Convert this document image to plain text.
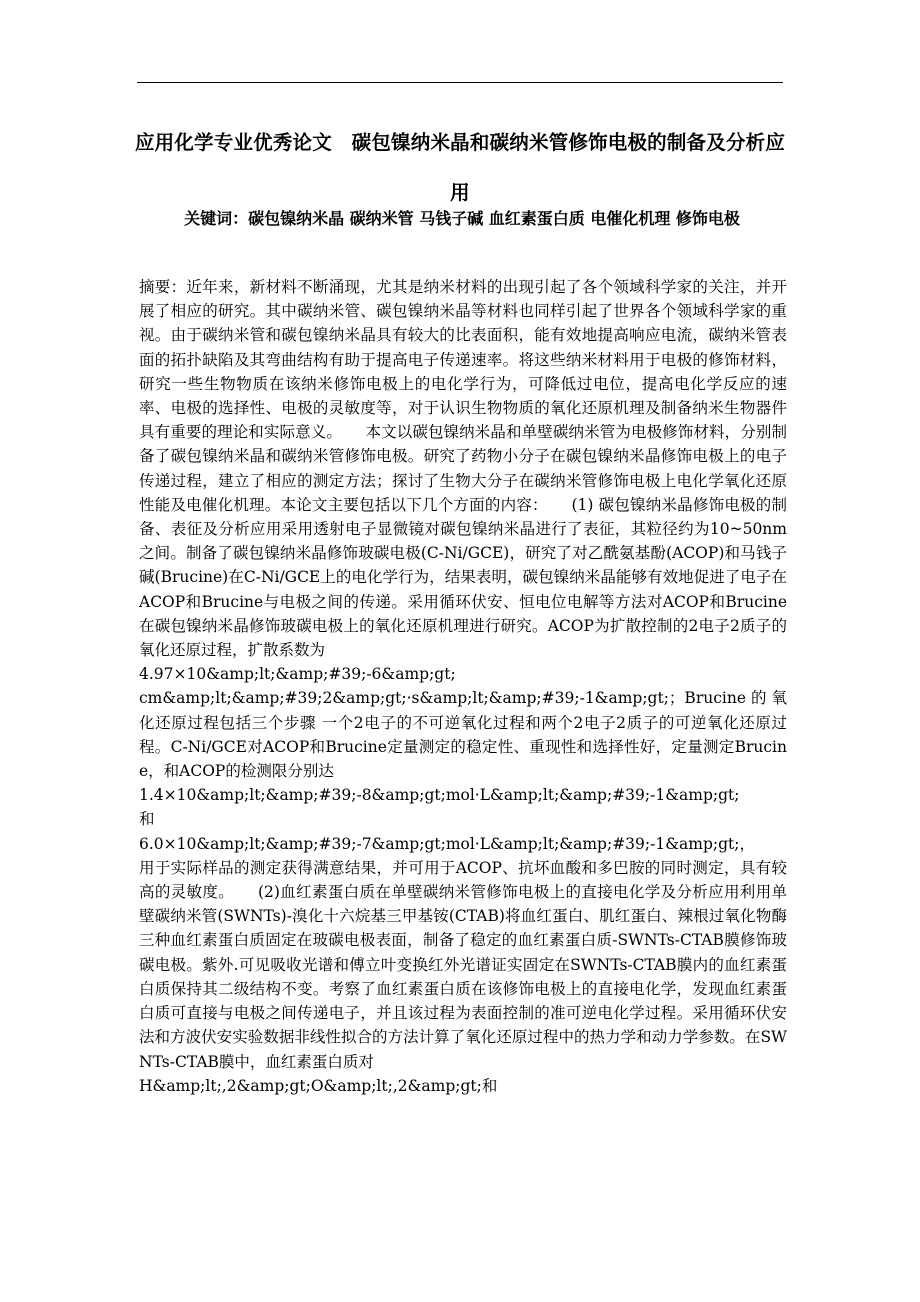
应用化学专业优秀论文　碳包镍纳米晶和碳纳米管修饰电极的制备及分析应用
关键词：碳包镍纳米晶 碳纳米管 马钱子碱 血红素蛋白质 电催化机理 修饰电极

摘要：近年来，新材料不断涌现，尤其是纳米材料的出现引起了各个领域科学家的关注，并开展了相应的研究。其中碳纳米管、碳包镍纳米晶等材料也同样引起了世界各个领域科学家的重视。由于碳纳米管和碳包镍纳米晶具有较大的比表面积，能有效地提高响应电流，碳纳米管表面的拓扑缺陷及其弯曲结构有助于提高电子传递速率。将这些纳米材料用于电极的修饰材料，研究一些生物物质在该纳米修饰电极上的电化学行为，可降低过电位，提高电化学反应的速率、电极的选择性、电极的灵敏度等，对于认识生物物质的氧化还原机理及制备纳米生物器件具有重要的理论和实际意义。　　本文以碳包镍纳米晶和单壁碳纳米管为电极修饰材料，分别制备了碳包镍纳米晶和碳纳米管修饰电极。研究了药物小分子在碳包镍纳米晶修饰电极上的电子传递过程，建立了相应的测定方法；探讨了生物大分子在碳纳米管修饰电极上电化学氧化还原性能及电催化机理。本论文主要包括以下几个方面的内容：　　(1) 碳包镍纳米晶修饰电极的制备、表征及分析应用采用透射电子显微镜对碳包镍纳米晶进行了表征，其粒径约为10~50nm之间。制备了碳包镍纳米晶修饰玻碳电极(C-Ni/GCE)，研究了对乙酰氨基酚(ACOP)和马钱子碱(Brucine)在C-Ni/GCE上的电化学行为，结果表明，碳包镍纳米晶能够有效地促进了电子在ACOP和Brucine与电极之间的传递。采用循环伏安、恒电位电解等方法对ACOP和Brucine在碳包镍纳米晶修饰玻碳电极上的氧化还原机理进行研究。ACOP为扩散控制的2电子2质子的氧化还原过程，扩散系数为

4.97×10&amp;lt;&amp;#39;-6&amp;gt;

cm&amp;lt;&amp;#39;2&amp;gt;·s&amp;lt;&amp;#39;-1&amp;gt;；Brucine的氧化还原过程包括三个步骤 一个2电子的不可逆氧化过程和两个2电子2质子的可逆氧化还原过程。C-Ni/GCE对ACOP和Brucine定量测定的稳定性、重现性和选择性好，定量测定Brucine，和ACOP的检测限分别达

1.4×10&amp;lt;&amp;#39;-8&amp;gt;mol·L&amp;lt;&amp;#39;-1&amp;gt;

和

6.0×10&amp;lt;&amp;#39;-7&amp;gt;mol·L&amp;lt;&amp;#39;-1&amp;gt;，

用于实际样品的测定获得满意结果，并可用于ACOP、抗坏血酸和多巴胺的同时测定，具有较高的灵敏度。　　(2)血红素蛋白质在单壁碳纳米管修饰电极上的直接电化学及分析应用利用单壁碳纳米管(SWNTs)-溴化十六烷基三甲基铵(CTAB)将血红蛋白、肌红蛋白、辣根过氧化物酶三种血红素蛋白质固定在玻碳电极表面，制备了稳定的血红素蛋白质-SWNTs-CTAB膜修饰玻碳电极。紫外.可见吸收光谱和傅立叶变换红外光谱证实固定在SWNTs-CTAB膜内的血红素蛋白质保持其二级结构不变。考察了血红素蛋白质在该修饰电极上的直接电化学，发现血红素蛋白质可直接与电极之间传递电子，并且该过程为表面控制的准可逆电化学过程。采用循环伏安法和方波伏安实验数据非线性拟合的方法计算了氧化还原过程中的热力学和动力学参数。在SWNTs-CTAB膜中，血红素蛋白质对

H&amp;lt;,2&amp;gt;O&amp;lt;,2&amp;gt;和
